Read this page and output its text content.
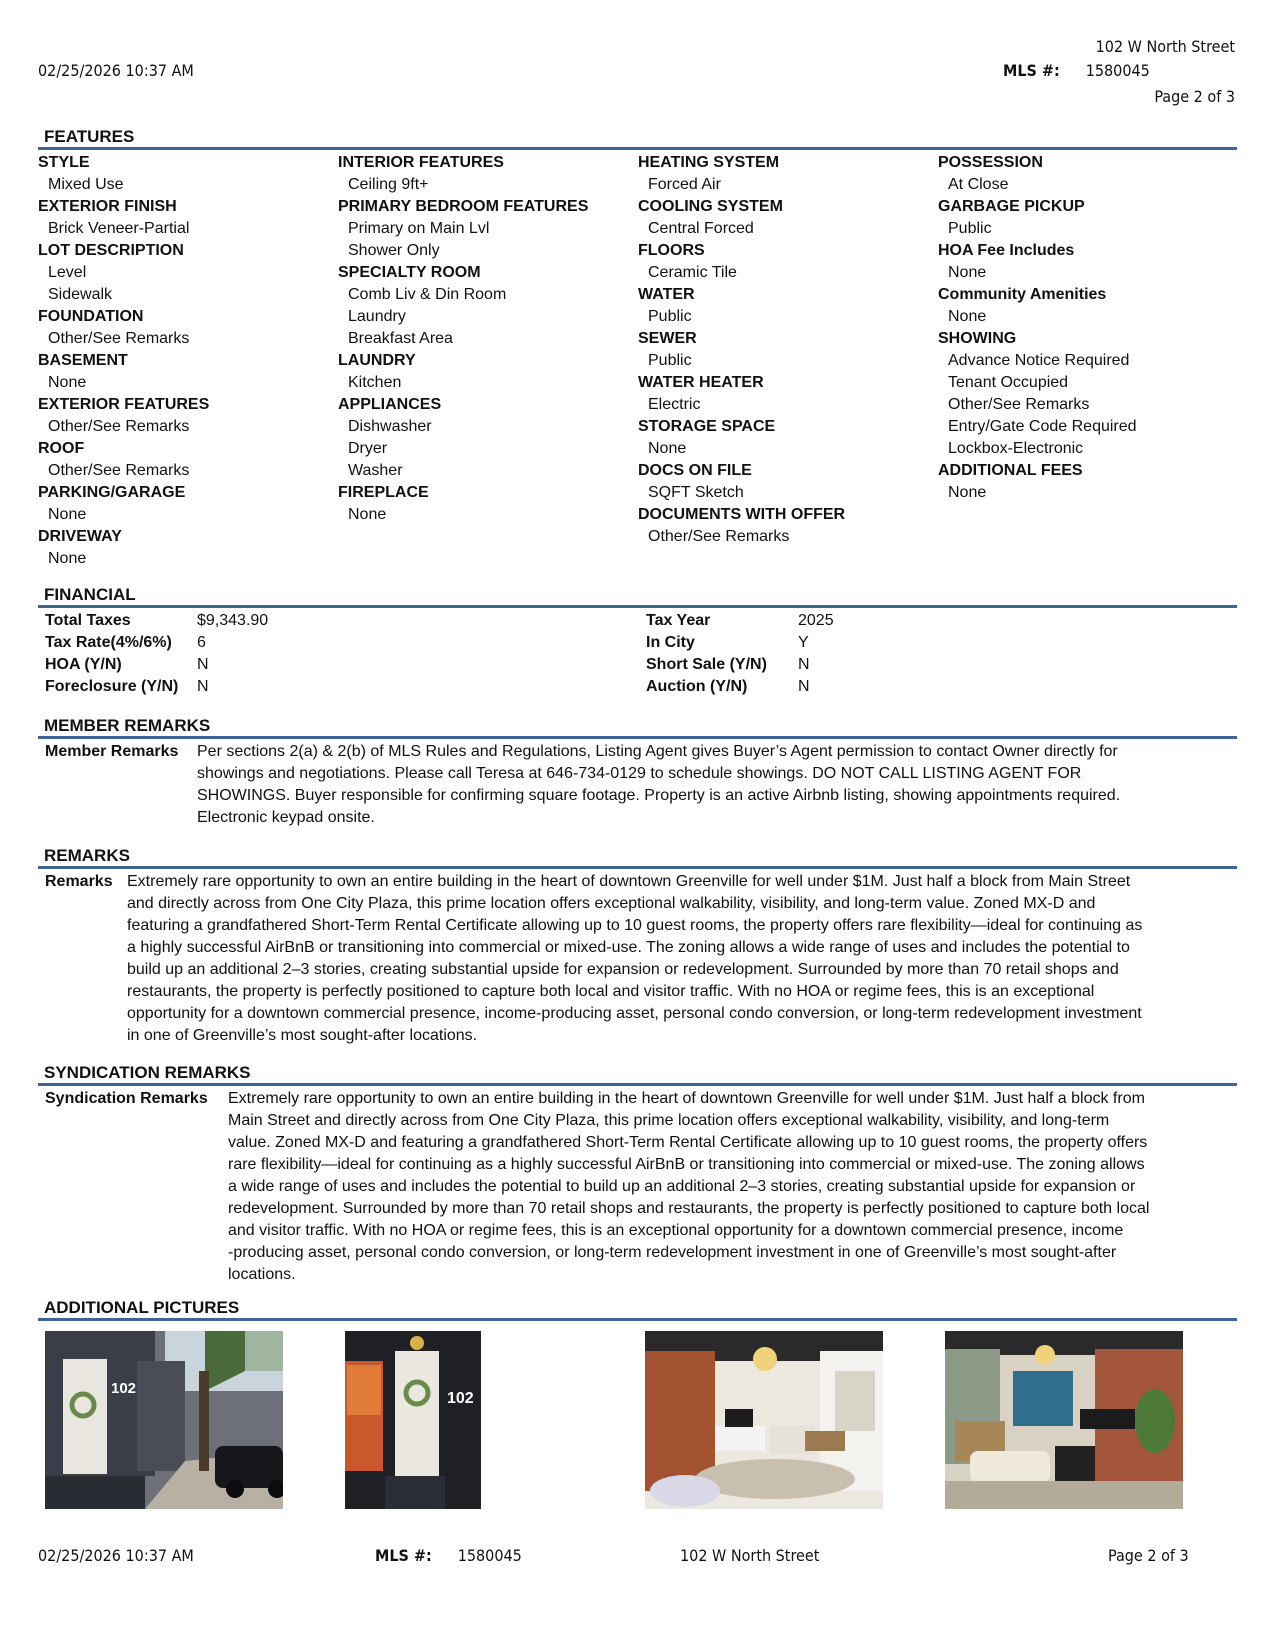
102 W North Street
02/25/2026 10:37 AM	MLS #: 1580045
Page 2 of 3
FEATURES
STYLE
Mixed Use
EXTERIOR FINISH
Brick Veneer-Partial
LOT DESCRIPTION
Level
Sidewalk
FOUNDATION
Other/See Remarks
BASEMENT
None
EXTERIOR FEATURES
Other/See Remarks
ROOF
Other/See Remarks
PARKING/GARAGE
None
DRIVEWAY
None
INTERIOR FEATURES
Ceiling 9ft+
PRIMARY BEDROOM FEATURES
Primary on Main Lvl
Shower Only
SPECIALTY ROOM
Comb Liv & Din Room
Laundry
Breakfast Area
LAUNDRY
Kitchen
APPLIANCES
Dishwasher
Dryer
Washer
FIREPLACE
None
HEATING SYSTEM
Forced Air
COOLING SYSTEM
Central Forced
FLOORS
Ceramic Tile
WATER
Public
SEWER
Public
WATER HEATER
Electric
STORAGE SPACE
None
DOCS ON FILE
SQFT Sketch
DOCUMENTS WITH OFFER
Other/See Remarks
POSSESSION
At Close
GARBAGE PICKUP
Public
HOA Fee Includes
None
Community Amenities
None
SHOWING
Advance Notice Required
Tenant Occupied
Other/See Remarks
Entry/Gate Code Required
Lockbox-Electronic
ADDITIONAL FEES
None
FINANCIAL
Total Taxes	$9,343.90
Tax Rate(4%/6%)	6
HOA (Y/N)	N
Foreclosure (Y/N)	N
Tax Year	2025
In City	Y
Short Sale (Y/N)	N
Auction (Y/N)	N
MEMBER REMARKS
Member Remarks Per sections 2(a) & 2(b) of MLS Rules and Regulations, Listing Agent gives Buyer’s Agent permission to contact Owner directly for
showings and negotiations. Please call Teresa at 646-734-0129 to schedule showings. DO NOT CALL LISTING AGENT FOR
SHOWINGS. Buyer responsible for confirming square footage. Property is an active Airbnb listing, showing appointments required.
Electronic keypad onsite.
REMARKS
Remarks Extremely rare opportunity to own an entire building in the heart of downtown Greenville for well under $1M. Just half a block from Main Street
and directly across from One City Plaza, this prime location offers exceptional walkability, visibility, and long-term value. Zoned MX-D and
featuring a grandfathered Short-Term Rental Certificate allowing up to 10 guest rooms, the property offers rare flexibility—ideal for continuing as
a highly successful AirBnB or transitioning into commercial or mixed-use. The zoning allows a wide range of uses and includes the potential to
build up an additional 2–3 stories, creating substantial upside for expansion or redevelopment. Surrounded by more than 70 retail shops and
restaurants, the property is perfectly positioned to capture both local and visitor traffic. With no HOA or regime fees, this is an exceptional
opportunity for a downtown commercial presence, income-producing asset, personal condo conversion, or long-term redevelopment investment
in one of Greenville’s most sought-after locations.
SYNDICATION REMARKS
Syndication Remarks Extremely rare opportunity to own an entire building in the heart of downtown Greenville for well under $1M. Just half a block from
Main Street and directly across from One City Plaza, this prime location offers exceptional walkability, visibility, and long-term
value. Zoned MX-D and featuring a grandfathered Short-Term Rental Certificate allowing up to 10 guest rooms, the property offers
rare flexibility—ideal for continuing as a highly successful AirBnB or transitioning into commercial or mixed-use. The zoning allows
a wide range of uses and includes the potential to build up an additional 2–3 stories, creating substantial upside for expansion or
redevelopment. Surrounded by more than 70 retail shops and restaurants, the property is perfectly positioned to capture both local
and visitor traffic. With no HOA or regime fees, this is an exceptional opportunity for a downtown commercial presence, income
-producing asset, personal condo conversion, or long-term redevelopment investment in one of Greenville’s most sought-after
locations.
ADDITIONAL PICTURES
102
102
02/25/2026 10:37 AM	MLS #: 1580045	102 W North Street	Page 2 of 3
